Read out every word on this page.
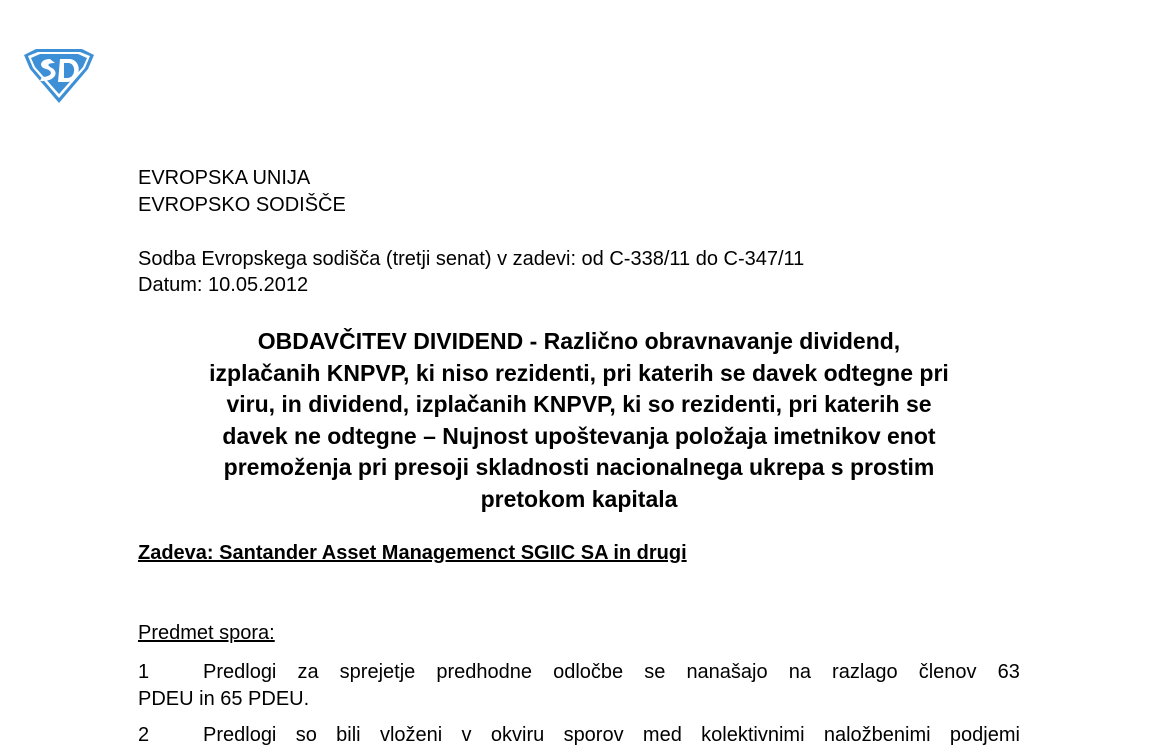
EVROPSKA UNIJA
EVROPSKO SODIŠČE
Sodba Evropskega sodišča (tretji senat) v zadevi: od C-338/11 do C-347/11
Datum: 10.05.2012
OBDAVČITEV DIVIDEND - Različno obravnavanje dividend,
izplačanih KNPVP, ki niso rezidenti, pri katerih se davek odtegne pri
viru, in dividend, izplačanih KNPVP, ki so rezidenti, pri katerih se
davek ne odtegne – Nujnost upoštevanja položaja imetnikov enot
premoženja pri presoji skladnosti nacionalnega ukrepa s prostim
pretokom kapitala
Zadeva: Santander Asset Managemenct SGIIC SA in drugi
Predmet spora:
1	Predlogi za sprejetje predhodne odločbe se nanašajo na razlago členov 63
PDEU in 65 PDEU.
2	Predlogi so bili vloženi v okviru sporov med kolektivnimi naložbenimi podjemi
